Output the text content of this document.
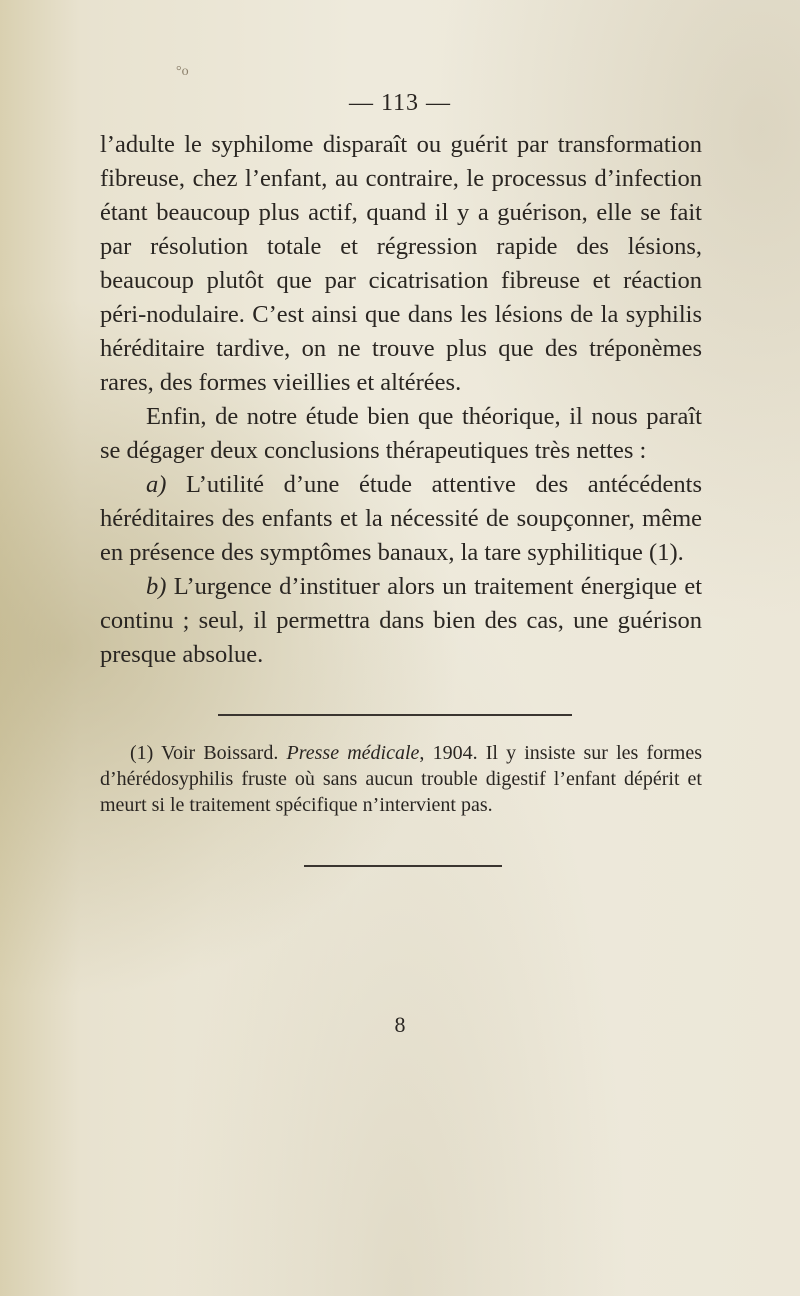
°o
— 113 —

l’adulte le syphilome disparaît ou guérit par transformation fibreuse, chez l’enfant, au contraire, le processus d’infection étant beaucoup plus actif, quand il y a guérison, elle se fait par résolution totale et régression rapide des lésions, beaucoup plutôt que par cicatrisation fibreuse et réaction péri-nodulaire. C’est ainsi que dans les lésions de la syphilis héréditaire tardive, on ne trouve plus que des tréponèmes rares, des formes vieillies et altérées.

Enfin, de notre étude bien que théorique, il nous paraît se dégager deux conclusions thérapeutiques très nettes :

a) L’utilité d’une étude attentive des antécédents héréditaires des enfants et la nécessité de soupçonner, même en présence des symptômes banaux, la tare syphilitique (1).

b) L’urgence d’instituer alors un traitement énergique et continu ; seul, il permettra dans bien des cas, une guérison presque absolue.

(1) Voir Boissard. Presse médicale, 1904. Il y insiste sur les formes d’hérédosyphilis fruste où sans aucun trouble digestif l’enfant dépérit et meurt si le traitement spécifique n’intervient pas.

8
